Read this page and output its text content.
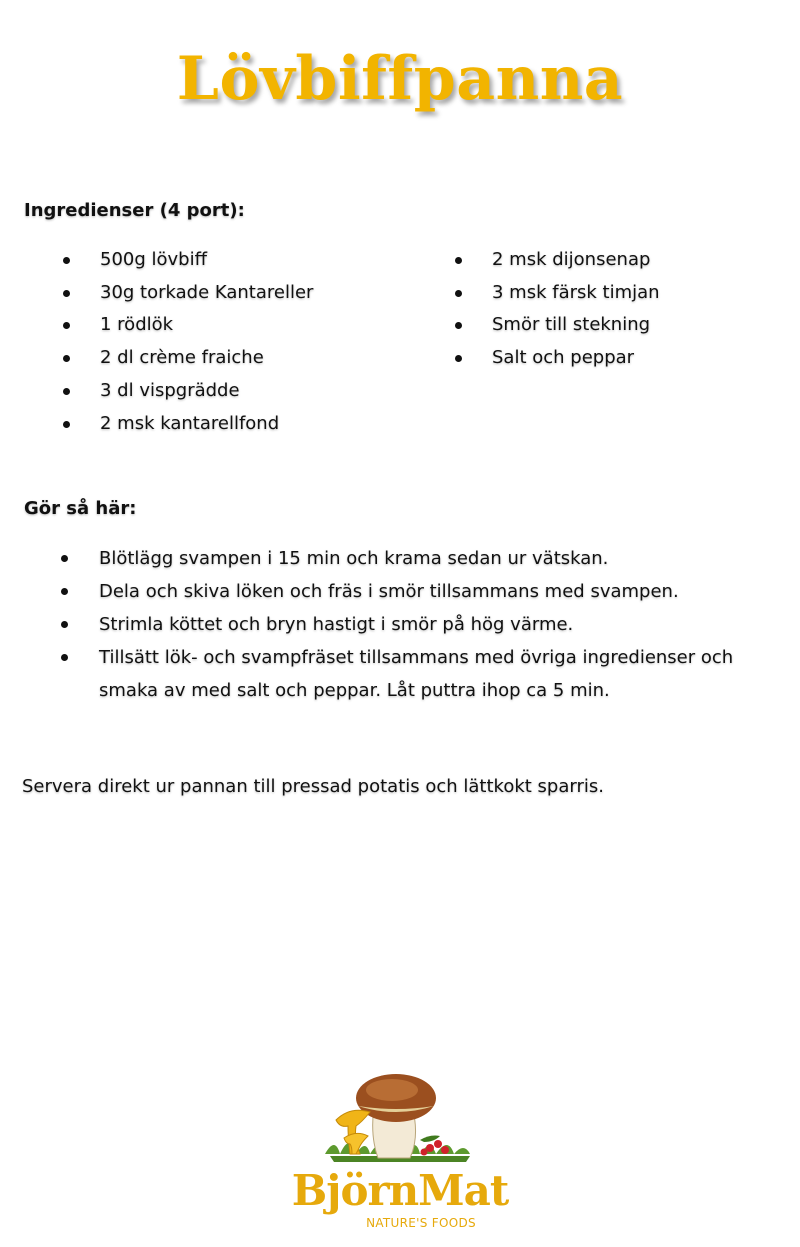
Lövbiffpanna
Ingredienser (4 port):
500g lövbiff
30g torkade Kantareller
1 rödlök
2 dl crème fraiche
3 dl vispgrädde
2 msk kantarellfond
2 msk dijonsenap
3 msk färsk timjan
Smör till stekning
Salt och peppar
Gör så här:
Blötlägg svampen i 15 min och krama sedan ur vätskan.
Dela och skiva löken och fräs i smör tillsammans med svampen.
Strimla köttet och bryn hastigt i smör på hög värme.
Tillsätt lök- och svampfräset tillsammans med övriga ingredienser och smaka av med salt och peppar. Låt puttra ihop ca 5 min.
Servera direkt ur pannan till pressad potatis och lättkokt sparris.
BjörnMat
NATURE'S FOODS
